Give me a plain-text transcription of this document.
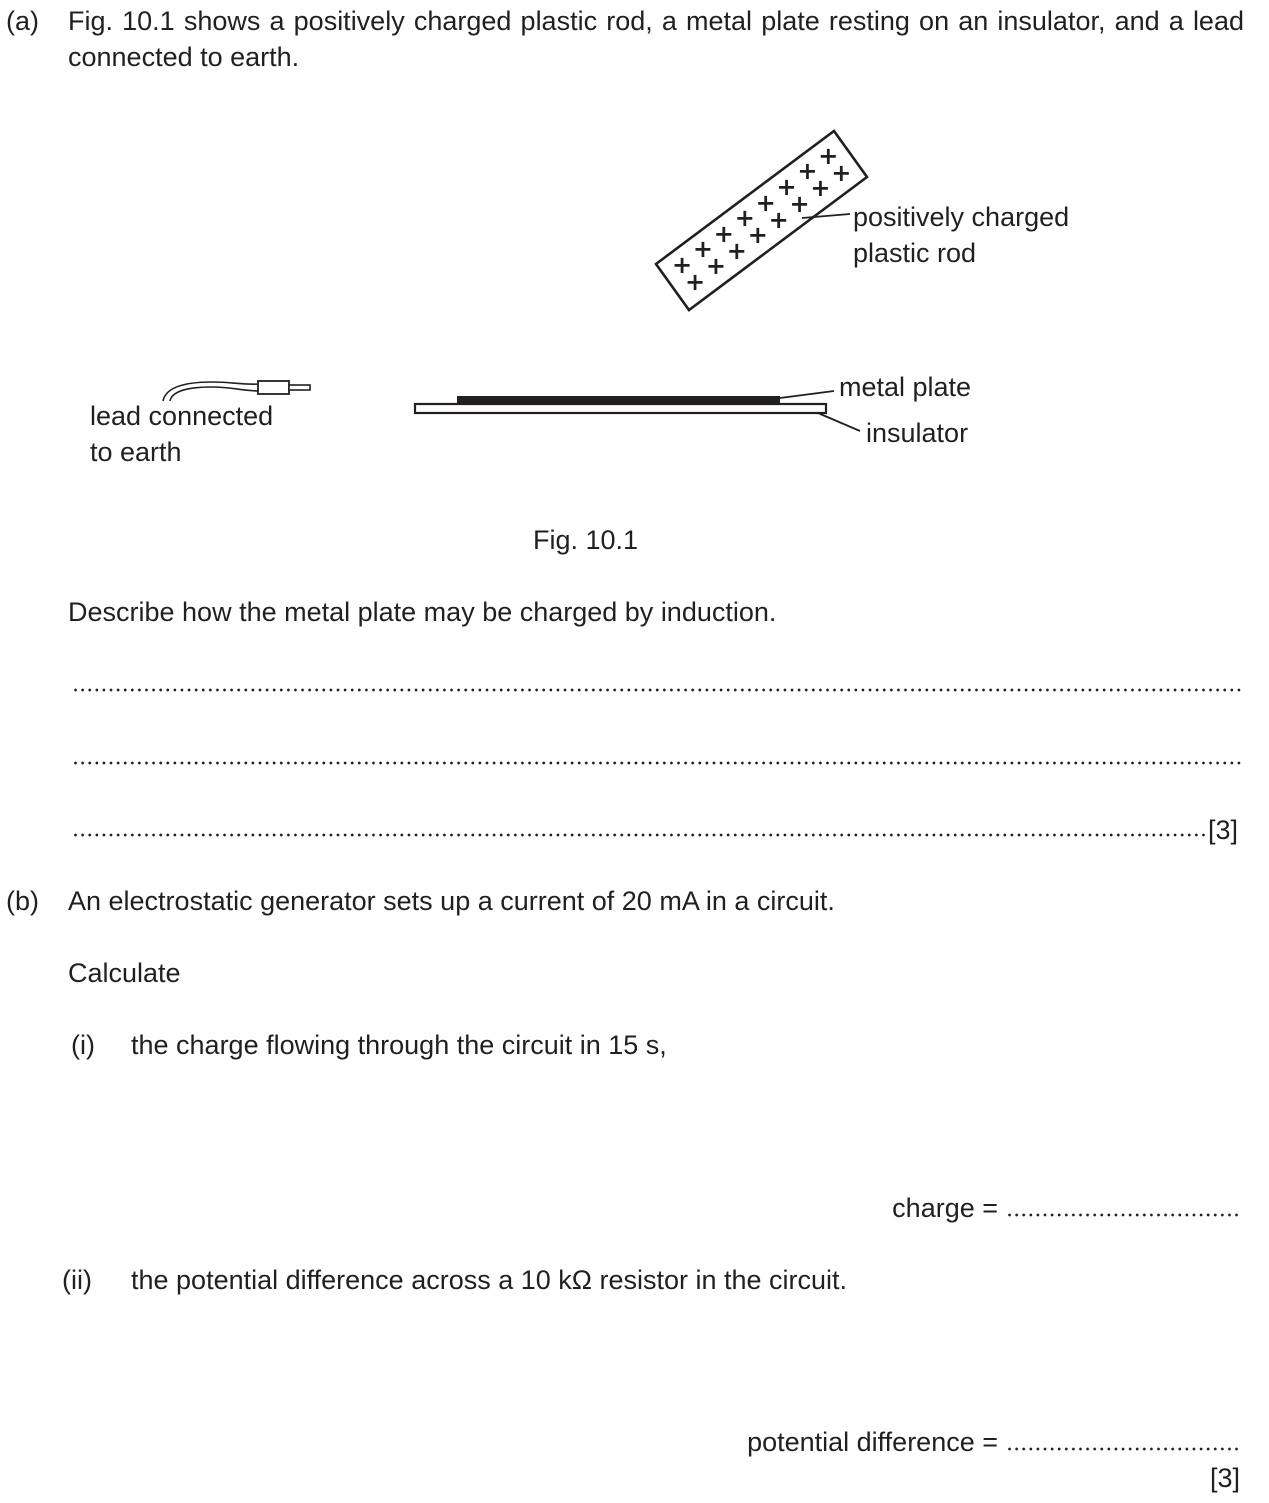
(a) Fig. 10.1 shows a positively charged plastic rod, a metal plate resting on an insulator, and a lead connected to earth.
+
+
+
+
+
+
+
+
+
+
+
+
+
+
+
+
positively charged
plastic rod
metal plate
insulator
lead connected
to earth
Fig. 10.1
Describe how the metal plate may be charged by induction.
[3]
(b) An electrostatic generator sets up a current of 20 mA in a circuit.
Calculate
(i) the charge flowing through the circuit in 15 s,
charge =
(ii) the potential difference across a 10 kΩ resistor in the circuit.
potential difference =
[3]
